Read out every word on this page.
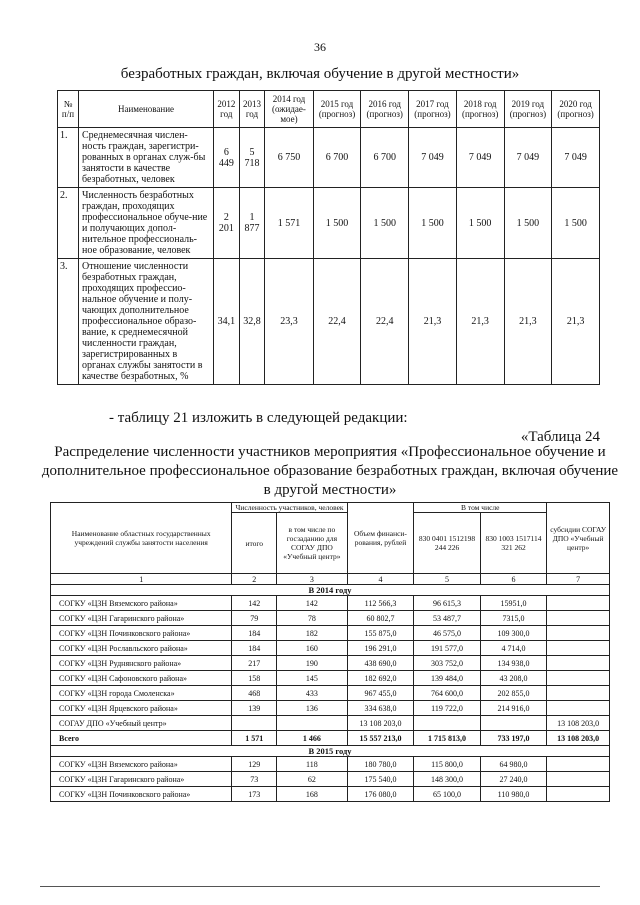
36
безработных граждан, включая обучение в другой местности»
№ п/п	Наименование	2012 год	2013 год	2014 год (ожидае-мое)	2015 год (прогноз)	2016 год (прогноз)	2017 год (прогноз)	2018 год (прогноз)	2019 год (прогноз)	2020 год (прогноз)
1.	Среднемесячная числен-ность граждан, зарегистри-рованных в органах служ-бы занятости в качестве безработных, человек	6 449	5 718	6 750	6 700	6 700	7 049	7 049	7 049	7 049
2.	Численность безработных граждан, проходящих профессиональное обуче-ние и получающих допол-нительное профессиональ-ное образование, человек	2 201	1 877	1 571	1 500	1 500	1 500	1 500	1 500	1 500
3.	Отношение численности безработных граждан, проходящих профессио-нальное обучение и полу-чающих дополнительное профессиональное образо-вание, к среднемесячной численности граждан, зарегистрированных в органах службы занятости в качестве безработных, %	34,1	32,8	23,3	22,4	22,4	21,3	21,3	21,3	21,3
- таблицу 21 изложить в следующей редакции:
«Таблица 24
Распределение численности участников мероприятия «Профессиональное обучение и дополнительное профессиональное образование безработных граждан, включая обучение в другой местности»
Наименование областных государственных учреждений службы занятости населения	Численность участников, человек		Объем финанси-рования, рублей	В том числе		субсидии СОГАУ ДПО «Учебный центр»
	итого	в том числе по госзаданию для СОГАУ ДПО «Учебный центр»		830 0401 1512198 244 226	830 1003 1517114 321 262	
1	2	3	4	5	6	7
В 2014 году						
СОГКУ «ЦЗН Вяземского района»	142	142	112 566,3	96 615,3	15951,0	
СОГКУ «ЦЗН Гагаринского района»	79	78	60 802,7	53 487,7	7315,0	
СОГКУ «ЦЗН Починковского района»	184	182	155 875,0	46 575,0	109 300,0	
СОГКУ «ЦЗН Рославльского района»	184	160	196 291,0	191 577,0	4 714,0	
СОГКУ «ЦЗН Руднянского района»	217	190	438 690,0	303 752,0	134 938,0	
СОГКУ «ЦЗН Сафоновского района»	158	145	182 692,0	139 484,0	43 208,0	
СОГКУ «ЦЗН города Смоленска»	468	433	967 455,0	764 600,0	202 855,0	
СОГКУ «ЦЗН Ярцевского района»	139	136	334 638,0	119 722,0	214 916,0	
СОГАУ ДПО «Учебный центр»			13 108 203,0			13 108 203,0
Всего	1 571	1 466	15 557 213,0	1 715 813,0	733 197,0	13 108 203,0
В 2015 году						
СОГКУ «ЦЗН Вяземского района»	129	118	180 780,0	115 800,0	64 980,0	
СОГКУ «ЦЗН Гагаринского района»	73	62	175 540,0	148 300,0	27 240,0	
СОГКУ «ЦЗН Починковского района»	173	168	176 080,0	65 100,0	110 980,0	
